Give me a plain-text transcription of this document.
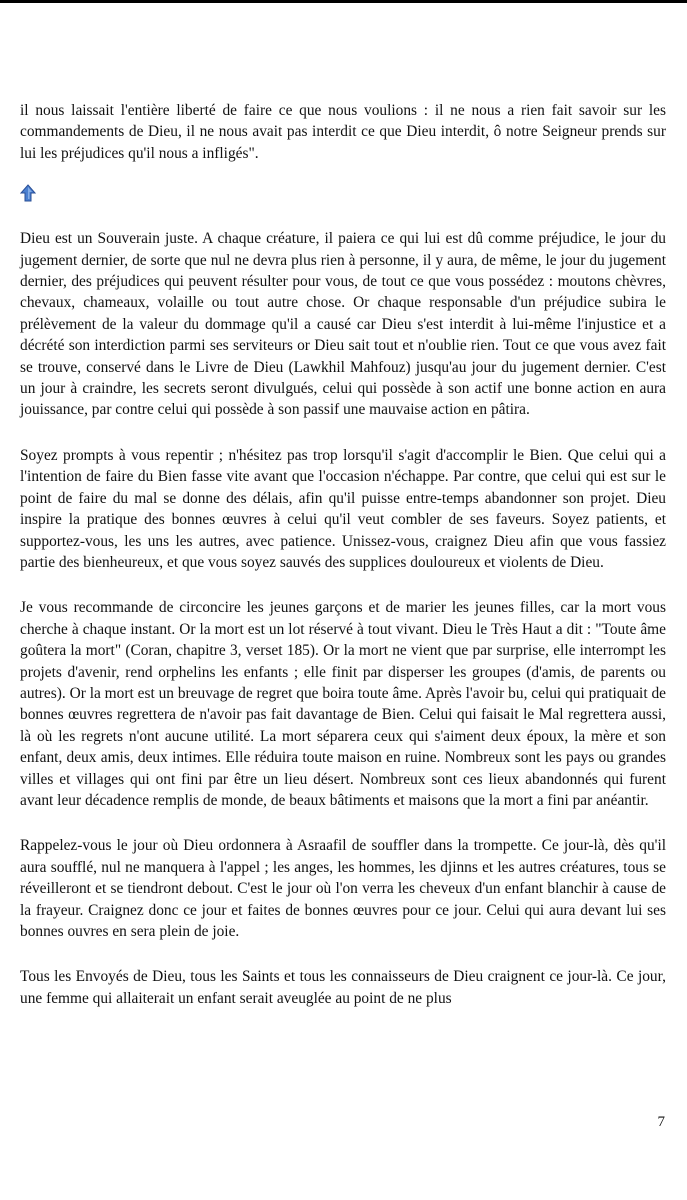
il nous laissait l'entière liberté de faire ce que nous voulions : il ne nous a rien fait savoir sur les commandements de Dieu, il ne nous avait pas interdit ce que Dieu interdit, ô notre Seigneur prends sur lui les préjudices qu'il nous a infligés".

Dieu est un Souverain juste. A chaque créature, il paiera ce qui lui est dû comme préjudice, le jour du jugement dernier, de sorte que nul ne devra plus rien à personne, il y aura, de même, le jour du jugement dernier, des préjudices qui peuvent résulter pour vous, de tout ce que vous possédez : moutons chèvres, chevaux, chameaux, volaille ou tout autre chose. Or chaque responsable d'un préjudice subira le prélèvement de la valeur du dommage qu'il a causé car Dieu s'est interdit à lui-même l'injustice et a décrété son interdiction parmi ses serviteurs or Dieu sait tout et n'oublie rien. Tout ce que vous avez fait se trouve, conservé dans le Livre de Dieu (Lawkhil Mahfouz) jusqu'au jour du jugement dernier. C'est un jour à craindre, les secrets seront divulgués, celui qui possède à son actif une bonne action en aura jouissance, par contre celui qui possède à son passif une mauvaise action en pâtira.

Soyez prompts à vous repentir ; n'hésitez pas trop lorsqu'il s'agit d'accomplir le Bien. Que celui qui a l'intention de faire du Bien fasse vite avant que l'occasion n'échappe. Par contre, que celui qui est sur le point de faire du mal se donne des délais, afin qu'il puisse entre-temps abandonner son projet. Dieu inspire la pratique des bonnes œuvres à celui qu'il veut combler de ses faveurs. Soyez patients, et supportez-vous, les uns les autres, avec patience. Unissez-vous, craignez Dieu afin que vous fassiez partie des bienheureux, et que vous soyez sauvés des supplices douloureux et violents de Dieu.

Je vous recommande de circoncire les jeunes garçons et de marier les jeunes filles, car la mort vous cherche à chaque instant. Or la mort est un lot réservé à tout vivant. Dieu le Très Haut a dit : "Toute âme goûtera la mort" (Coran, chapitre 3, verset 185). Or la mort ne vient que par surprise, elle interrompt les projets d'avenir, rend orphelins les enfants ; elle finit par disperser les groupes (d'amis, de parents ou autres). Or la mort est un breuvage de regret que boira toute âme. Après l'avoir bu, celui qui pratiquait de bonnes œuvres regrettera de n'avoir pas fait davantage de Bien. Celui qui faisait le Mal regrettera aussi, là où les regrets n'ont aucune utilité. La mort séparera ceux qui s'aiment deux époux, la mère et son enfant, deux amis, deux intimes. Elle réduira toute maison en ruine. Nombreux sont les pays ou grandes villes et villages qui ont fini par être un lieu désert. Nombreux sont ces lieux abandonnés qui furent avant leur décadence remplis de monde, de beaux bâtiments et maisons que la mort a fini par anéantir.

Rappelez-vous le jour où Dieu ordonnera à Asraafil de souffler dans la trompette. Ce jour-là, dès qu'il aura soufflé, nul ne manquera à l'appel ; les anges, les hommes, les djinns et les autres créatures, tous se réveilleront et se tiendront debout. C'est le jour où l'on verra les cheveux d'un enfant blanchir à cause de la frayeur. Craignez donc ce jour et faites de bonnes œuvres pour ce jour. Celui qui aura devant lui ses bonnes ouvres en sera plein de joie.

Tous les Envoyés de Dieu, tous les Saints et tous les connaisseurs de Dieu craignent ce jour-là. Ce jour, une femme qui allaiterait un enfant serait aveuglée au point de ne plus

7
